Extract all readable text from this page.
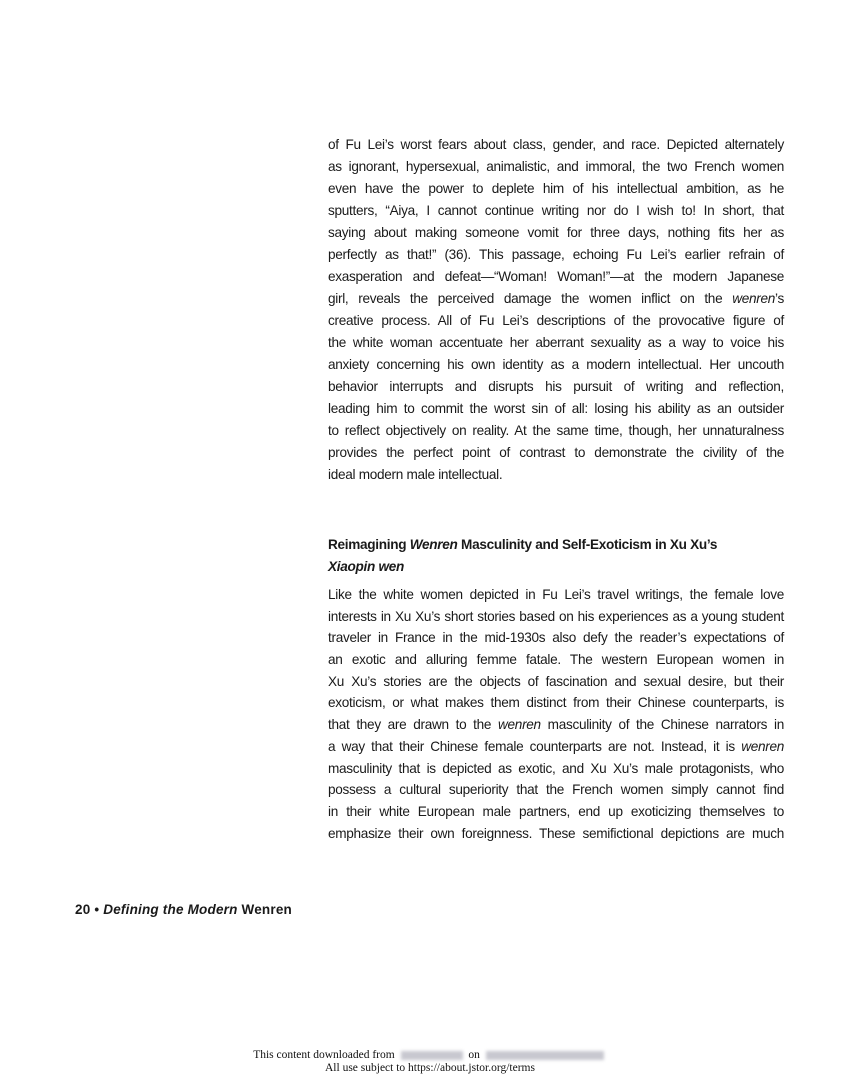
of Fu Lei’s worst fears about class, gender, and race. Depicted alternately
as ignorant, hypersexual, animalistic, and immoral, the two French women
even have the power to deplete him of his intellectual ambition, as he
sputters, “Aiya, I cannot continue writing nor do I wish to! In short, that
saying about making someone vomit for three days, nothing fits her as
perfectly as that!” (36). This passage, echoing Fu Lei’s earlier refrain of
exasperation and defeat—“Woman! Woman!”—at the modern Japanese
girl, reveals the perceived damage the women inflict on the wenren’s
creative process. All of Fu Lei’s descriptions of the provocative figure of
the white woman accentuate her aberrant sexuality as a way to voice his
anxiety concerning his own identity as a modern intellectual. Her uncouth
behavior interrupts and disrupts his pursuit of writing and reflection,
leading him to commit the worst sin of all: losing his ability as an outsider
to reflect objectively on reality. At the same time, though, her unnaturalness
provides the perfect point of contrast to demonstrate the civility of the
ideal modern male intellectual.
Reimagining Wenren Masculinity and Self-Exoticism in Xu Xu’s
Xiaopin wen
Like the white women depicted in Fu Lei’s travel writings, the female love
interests in Xu Xu’s short stories based on his experiences as a young student
traveler in France in the mid-1930s also defy the reader’s expectations of
an exotic and alluring femme fatale. The western European women in
Xu Xu’s stories are the objects of fascination and sexual desire, but their
exoticism, or what makes them distinct from their Chinese counterparts, is
that they are drawn to the wenren masculinity of the Chinese narrators in
a way that their Chinese female counterparts are not. Instead, it is wenren
masculinity that is depicted as exotic, and Xu Xu’s male protagonists, who
possess a cultural superiority that the French women simply cannot find
in their white European male partners, end up exoticizing themselves to
emphasize their own foreignness. These semifictional depictions are much
20 • Defining the Modern Wenren
This content downloaded from	on
All use subject to https://about.jstor.org/terms
